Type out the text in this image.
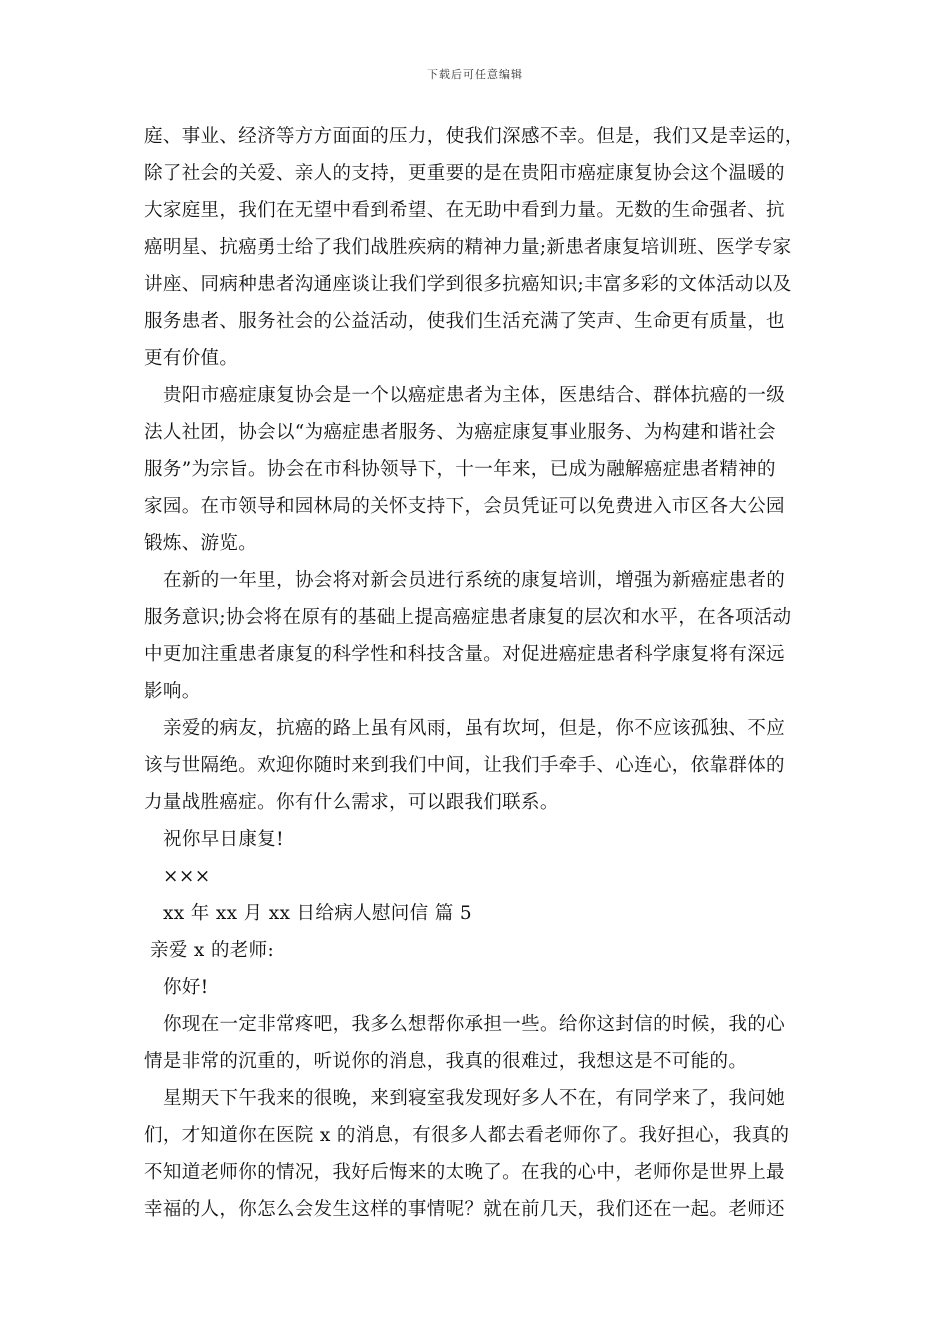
下载后可任意编辑
庭、事业、经济等方方面面的压力，使我们深感不幸。但是，我们又是幸运的，
除了社会的关爱、亲人的支持，更重要的是在贵阳市癌症康复协会这个温暖的
大家庭里，我们在无望中看到希望、在无助中看到力量。无数的生命强者、抗
癌明星、抗癌勇士给了我们战胜疾病的精神力量;新患者康复培训班、医学专家
讲座、同病种患者沟通座谈让我们学到很多抗癌知识;丰富多彩的文体活动以及
服务患者、服务社会的公益活动，使我们生活充满了笑声、生命更有质量，也
更有价值。
贵阳市癌症康复协会是一个以癌症患者为主体，医患结合、群体抗癌的一级
法人社团，协会以“为癌症患者服务、为癌症康复事业服务、为构建和谐社会
服务”为宗旨。协会在市科协领导下，十一年来，已成为融解癌症患者精神的
家园。在市领导和园林局的关怀支持下，会员凭证可以免费进入市区各大公园
锻炼、游览。
在新的一年里，协会将对新会员进行系统的康复培训，增强为新癌症患者的
服务意识;协会将在原有的基础上提高癌症患者康复的层次和水平，在各项活动
中更加注重患者康复的科学性和科技含量。对促进癌症患者科学康复将有深远
影响。
亲爱的病友，抗癌的路上虽有风雨，虽有坎坷，但是，你不应该孤独、不应
该与世隔绝。欢迎你随时来到我们中间，让我们手牵手、心连心，依靠群体的
力量战胜癌症。你有什么需求，可以跟我们联系。
祝你早日康复!
×××
xx 年 xx 月 xx 日给病人慰问信 篇 5
亲爱 x 的老师:
你好!
你现在一定非常疼吧，我多么想帮你承担一些。给你这封信的时候，我的心
情是非常的沉重的，听说你的消息，我真的很难过，我想这是不可能的。
星期天下午我来的很晚，来到寝室我发现好多人不在，有同学来了，我问她
们，才知道你在医院 x 的消息，有很多人都去看老师你了。我好担心，我真的
不知道老师你的情况，我好后悔来的太晚了。在我的心中，老师你是世界上最
幸福的人，你怎么会发生这样的事情呢？就在前几天，我们还在一起。老师还
